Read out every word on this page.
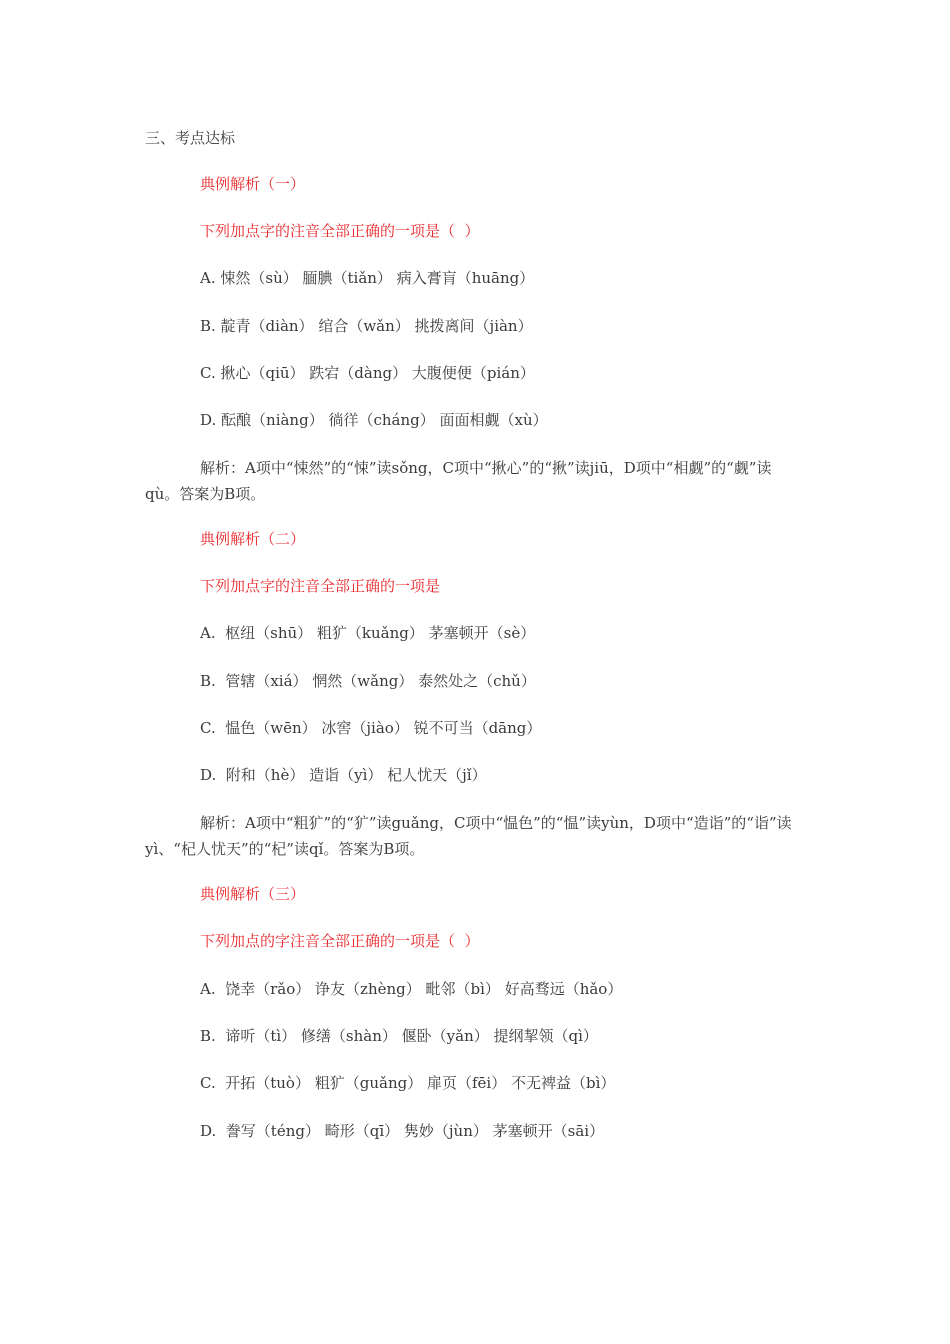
三、考点达标

典例解析（一）

下列加点字的注音全部正确的一项是（  ）

A. 悚然（sù） 腼腆（tiǎn） 病入膏肓（huāng）

B. 靛青（diàn） 绾合（wǎn） 挑拨离间（jiàn）

C. 揪心（qiū） 跌宕（dàng） 大腹便便（pián）

D. 酝酿（niàng） 徜徉（cháng） 面面相觑（xù）

解析：A项中“悚然”的“悚”读sǒng，C项中“揪心”的“揪”读jiū，D项中“相觑”的“觑”读qù。答案为B项。

典例解析（二）

下列加点字的注音全部正确的一项是

A.  枢纽（shū） 粗犷（kuǎng） 茅塞顿开（sè）

B.  管辖（xiá） 惘然（wǎng） 泰然处之（chǔ）

C.  愠色（wēn） 冰窖（jiào） 锐不可当（dāng）

D.  附和（hè） 造诣（yì） 杞人忧天（jǐ）

解析：A项中“粗犷”的“犷”读guǎng，C项中“愠色”的“愠”读yùn，D项中“造诣”的“诣”读yì、“杞人忧天”的“杞”读qǐ。答案为B项。

典例解析（三）

下列加点的字注音全部正确的一项是（  ）

A.  饶幸（rǎo） 诤友（zhèng） 毗邻（bì） 好高骛远（hǎo）

B.  谛听（tì） 修缮（shàn） 偃卧（yǎn） 提纲挈领（qì）

C.  开拓（tuò） 粗犷（guǎng） 扉页（fēi） 不无裨益（bì）

D.  誊写（téng） 畸形（qī） 隽妙（jùn） 茅塞顿开（sāi）
